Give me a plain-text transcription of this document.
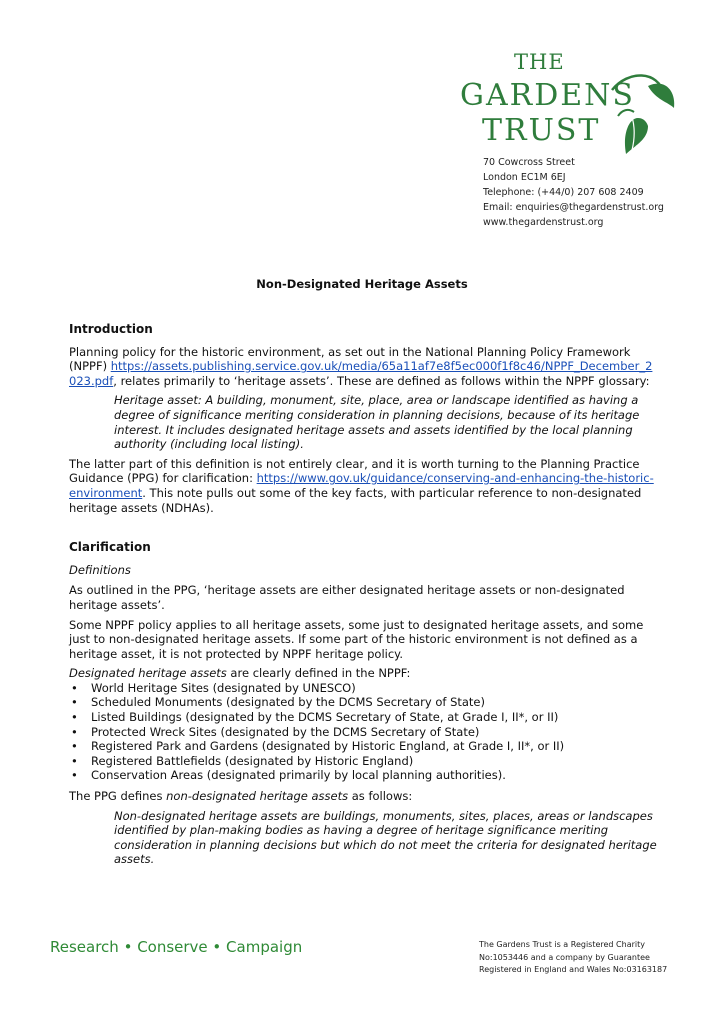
THE
GARDENS
TRUST
70 Cowcross Street
London EC1M 6EJ
Telephone: (+44/0) 207 608 2409
Email: enquiries@thegardenstrust.org
www.thegardenstrust.org
Non-Designated Heritage Assets
Introduction

Planning policy for the historic environment, as set out in the National Planning Policy Framework (NPPF) https://assets.publishing.service.gov.uk/media/65a11af7e8f5ec000f1f8c46/NPPF_December_2023.pdf, relates primarily to ‘heritage assets’. These are defined as follows within the NPPF glossary:

Heritage asset: A building, monument, site, place, area or landscape identified as having a degree of significance meriting consideration in planning decisions, because of its heritage interest. It includes designated heritage assets and assets identified by the local planning authority (including local listing).

The latter part of this definition is not entirely clear, and it is worth turning to the Planning Practice Guidance (PPG) for clarification: https://www.gov.uk/guidance/conserving-and-enhancing-the-historic-environment. This note pulls out some of the key facts, with particular reference to non-designated heritage assets (NDHAs).

Clarification

Definitions

As outlined in the PPG, ‘heritage assets are either designated heritage assets or non-designated heritage assets’.

Some NPPF policy applies to all heritage assets, some just to designated heritage assets, and some just to non-designated heritage assets. If some part of the historic environment is not defined as a heritage asset, it is not protected by NPPF heritage policy.

Designated heritage assets are clearly defined in the NPPF:

• World Heritage Sites (designated by UNESCO)
• Scheduled Monuments (designated by the DCMS Secretary of State)
• Listed Buildings (designated by the DCMS Secretary of State, at Grade I, II*, or II)
• Protected Wreck Sites (designated by the DCMS Secretary of State)
• Registered Park and Gardens (designated by Historic England, at Grade I, II*, or II)
• Registered Battlefields (designated by Historic England)
• Conservation Areas (designated primarily by local planning authorities).

The PPG defines non-designated heritage assets as follows:

Non-designated heritage assets are buildings, monuments, sites, places, areas or landscapes identified by plan-making bodies as having a degree of heritage significance meriting consideration in planning decisions but which do not meet the criteria for designated heritage assets.

Research • Conserve • Campaign	The Gardens Trust is a Registered Charity
No:1053446 and a company by Guarantee
Registered in England and Wales No:03163187
